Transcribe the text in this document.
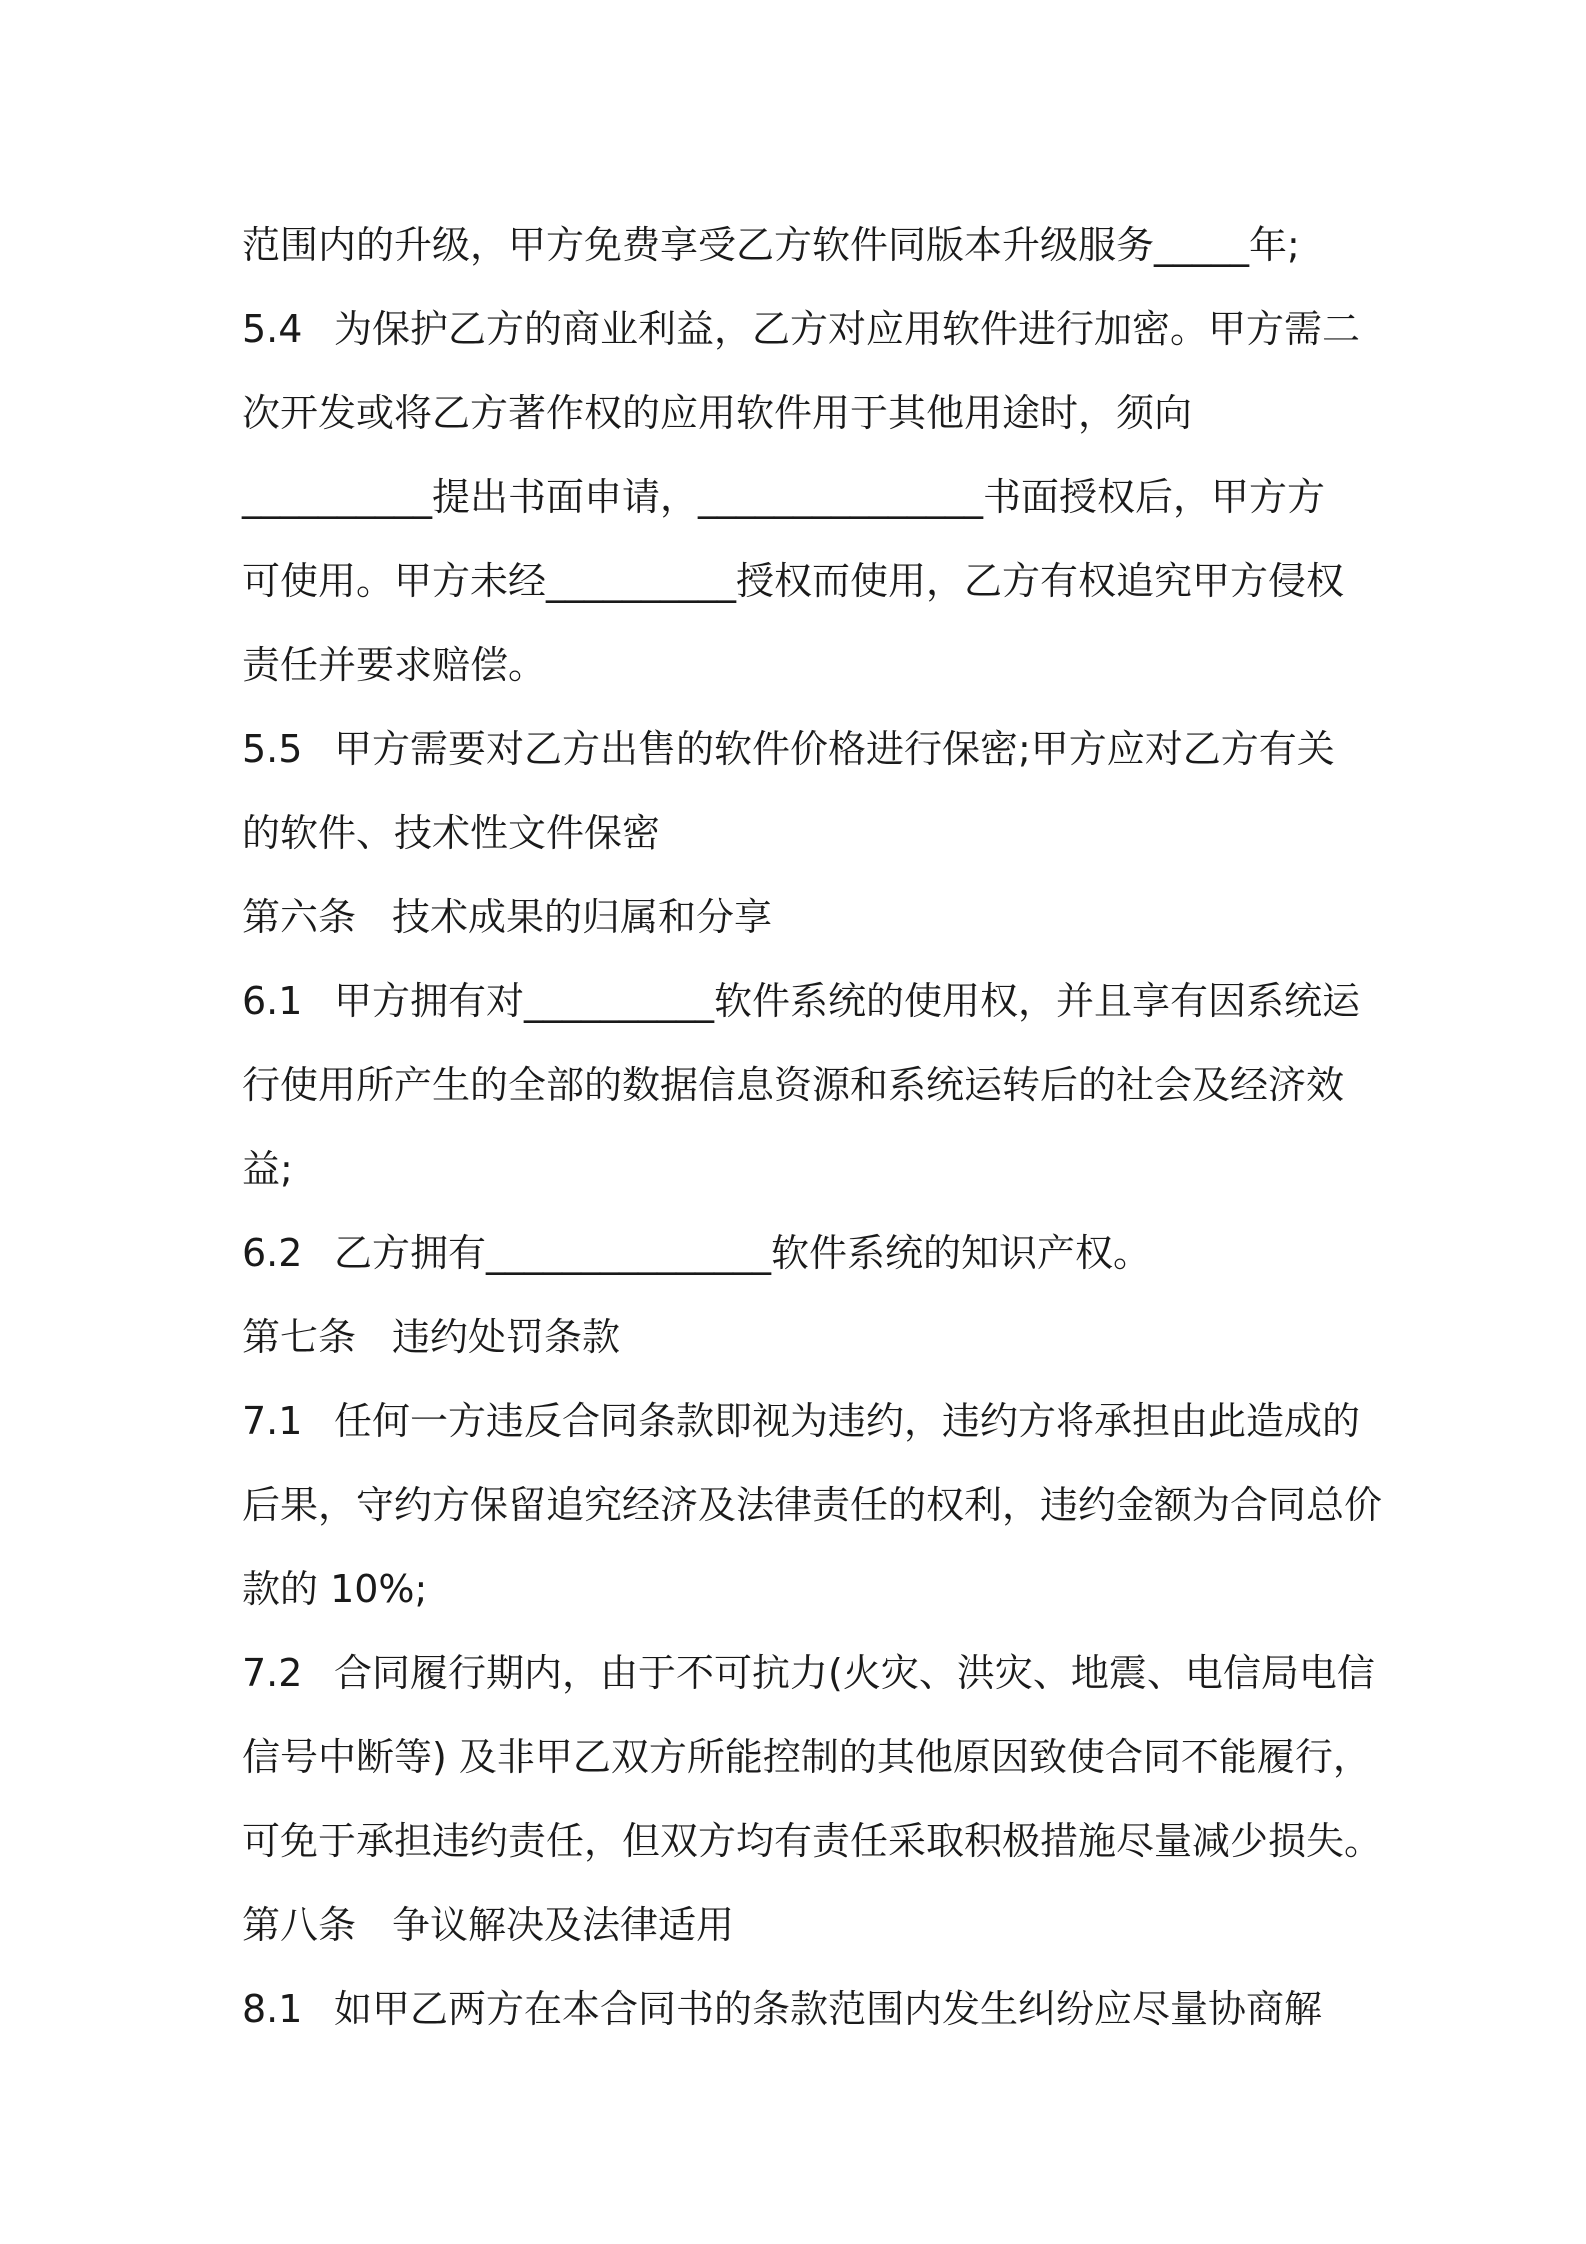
范围内的升级，甲方免费享受乙方软件同版本升级服务_____年;
5.4 为保护乙方的商业利益，乙方对应用软件进行加密。甲方需二
次开发或将乙方著作权的应用软件用于其他用途时，须向
__________提出书面申请，_______________书面授权后，甲方方
可使用。甲方未经__________授权而使用，乙方有权追究甲方侵权
责任并要求赔偿。
5.5 甲方需要对乙方出售的软件价格进行保密;甲方应对乙方有关
的软件、技术性文件保密
第六条 技术成果的归属和分享
6.1 甲方拥有对__________软件系统的使用权，并且享有因系统运
行使用所产生的全部的数据信息资源和系统运转后的社会及经济效
益;
6.2 乙方拥有_______________软件系统的知识产权。
第七条 违约处罚条款
7.1 任何一方违反合同条款即视为违约，违约方将承担由此造成的
后果，守约方保留追究经济及法律责任的权利，违约金额为合同总价
款的 10%;
7.2 合同履行期内，由于不可抗力(火灾、洪灾、地震、电信局电信
信号中断等) 及非甲乙双方所能控制的其他原因致使合同不能履行，
可免于承担违约责任，但双方均有责任采取积极措施尽量减少损失。
第八条 争议解决及法律适用
8.1 如甲乙两方在本合同书的条款范围内发生纠纷应尽量协商解
